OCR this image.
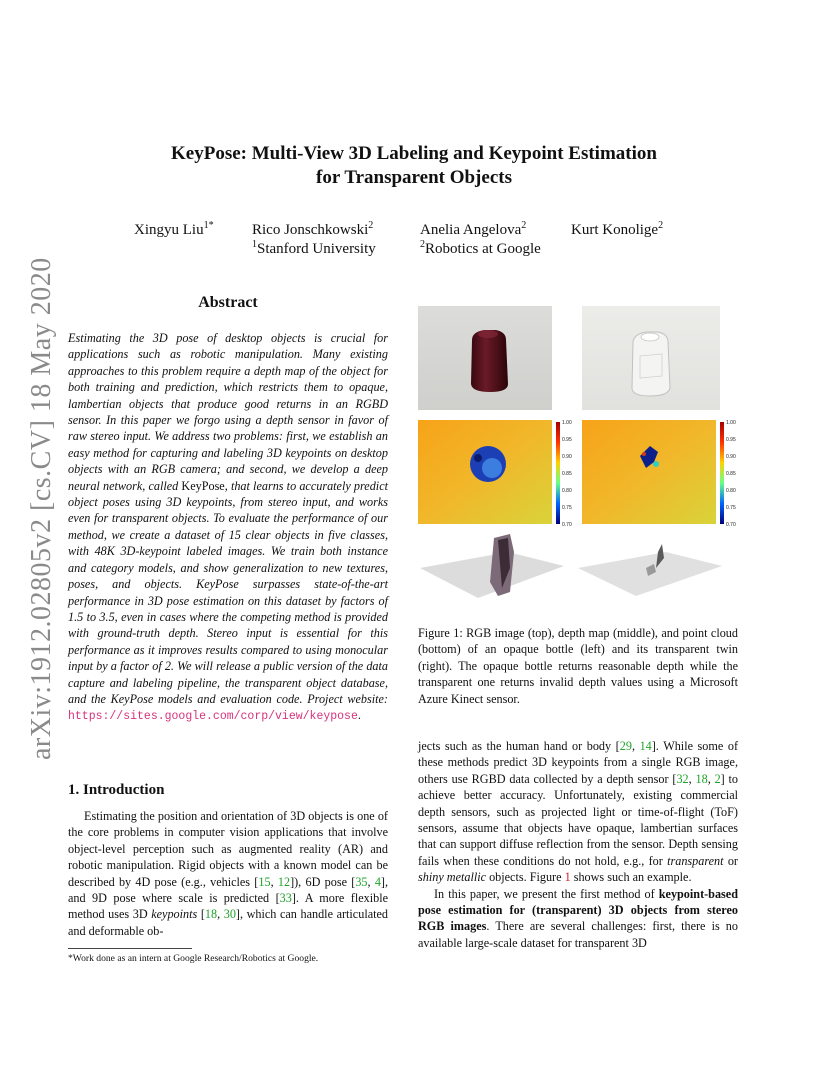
arXiv:1912.02805v2 [cs.CV] 18 May 2020
KeyPose: Multi-View 3D Labeling and Keypoint Estimation
for Transparent Objects
Xingyu Liu$^{1*}$	Rico Jonschkowski$^2$	Anelia Angelova$^2$	Kurt Konolige$^2$
$^1$Stanford University	$^2$Robotics at Google
Abstract
Estimating the 3D pose of desktop objects is crucial for applications such as robotic manipulation. Many existing approaches to this problem require a depth map of the object for both training and prediction, which restricts them to opaque, lambertian objects that produce good returns in an RGBD sensor. In this paper we forgo using a depth sensor in favor of raw stereo input. We address two problems: first, we establish an easy method for capturing and labeling 3D keypoints on desktop objects with an RGB camera; and second, we develop a deep neural network, called KeyPose, that learns to accurately predict object poses using 3D keypoints, from stereo input, and works even for transparent objects. To evaluate the performance of our method, we create a dataset of 15 clear objects in five classes, with 48K 3D-keypoint labeled images. We train both instance and category models, and show generalization to new textures, poses, and objects. KeyPose surpasses state-of-the-art performance in 3D pose estimation on this dataset by factors of 1.5 to 3.5, even in cases where the competing method is provided with ground-truth depth. Stereo input is essential for this performance as it improves results compared to using monocular input by a factor of 2. We will release a public version of the data capture and labeling pipeline, the transparent object database, and the KeyPose models and evaluation code. Project website: https://sites.google.com/corp/view/keypose.
1. Introduction

Estimating the position and orientation of 3D objects is one of the core problems in computer vision applications that involve object-level perception such as augmented reality (AR) and robotic manipulation. Rigid objects with a known model can be described by 4D pose (e.g., vehicles [15, 12]), 6D pose [35, 4], and 9D pose where scale is predicted [33]. A more flexible method uses 3D keypoints [18, 30], which can handle articulated and deformable ob-

*Work done as an intern at Google Research/Robotics at Google.
1.00
0.95
0.90
0.85
0.80
0.75
0.70
1.00
0.95
0.90
0.85
0.80
0.75
0.70
Figure 1: RGB image (top), depth map (middle), and point cloud (bottom) of an opaque bottle (left) and its transparent twin (right). The opaque bottle returns reasonable depth while the transparent one returns invalid depth values using a Microsoft Azure Kinect sensor.

jects such as the human hand or body [29, 14]. While some of these methods predict 3D keypoints from a single RGB image, others use RGBD data collected by a depth sensor [32, 18, 2] to achieve better accuracy. Unfortunately, existing commercial depth sensors, such as projected light or time-of-flight (ToF) sensors, assume that objects have opaque, lambertian surfaces that can support diffuse reflection from the sensor. Depth sensing fails when these conditions do not hold, e.g., for transparent or shiny metallic objects. Figure 1 shows such an example.

In this paper, we present the first method of keypoint-based pose estimation for (transparent) 3D objects from stereo RGB images. There are several challenges: first, there is no available large-scale dataset for transparent 3D
